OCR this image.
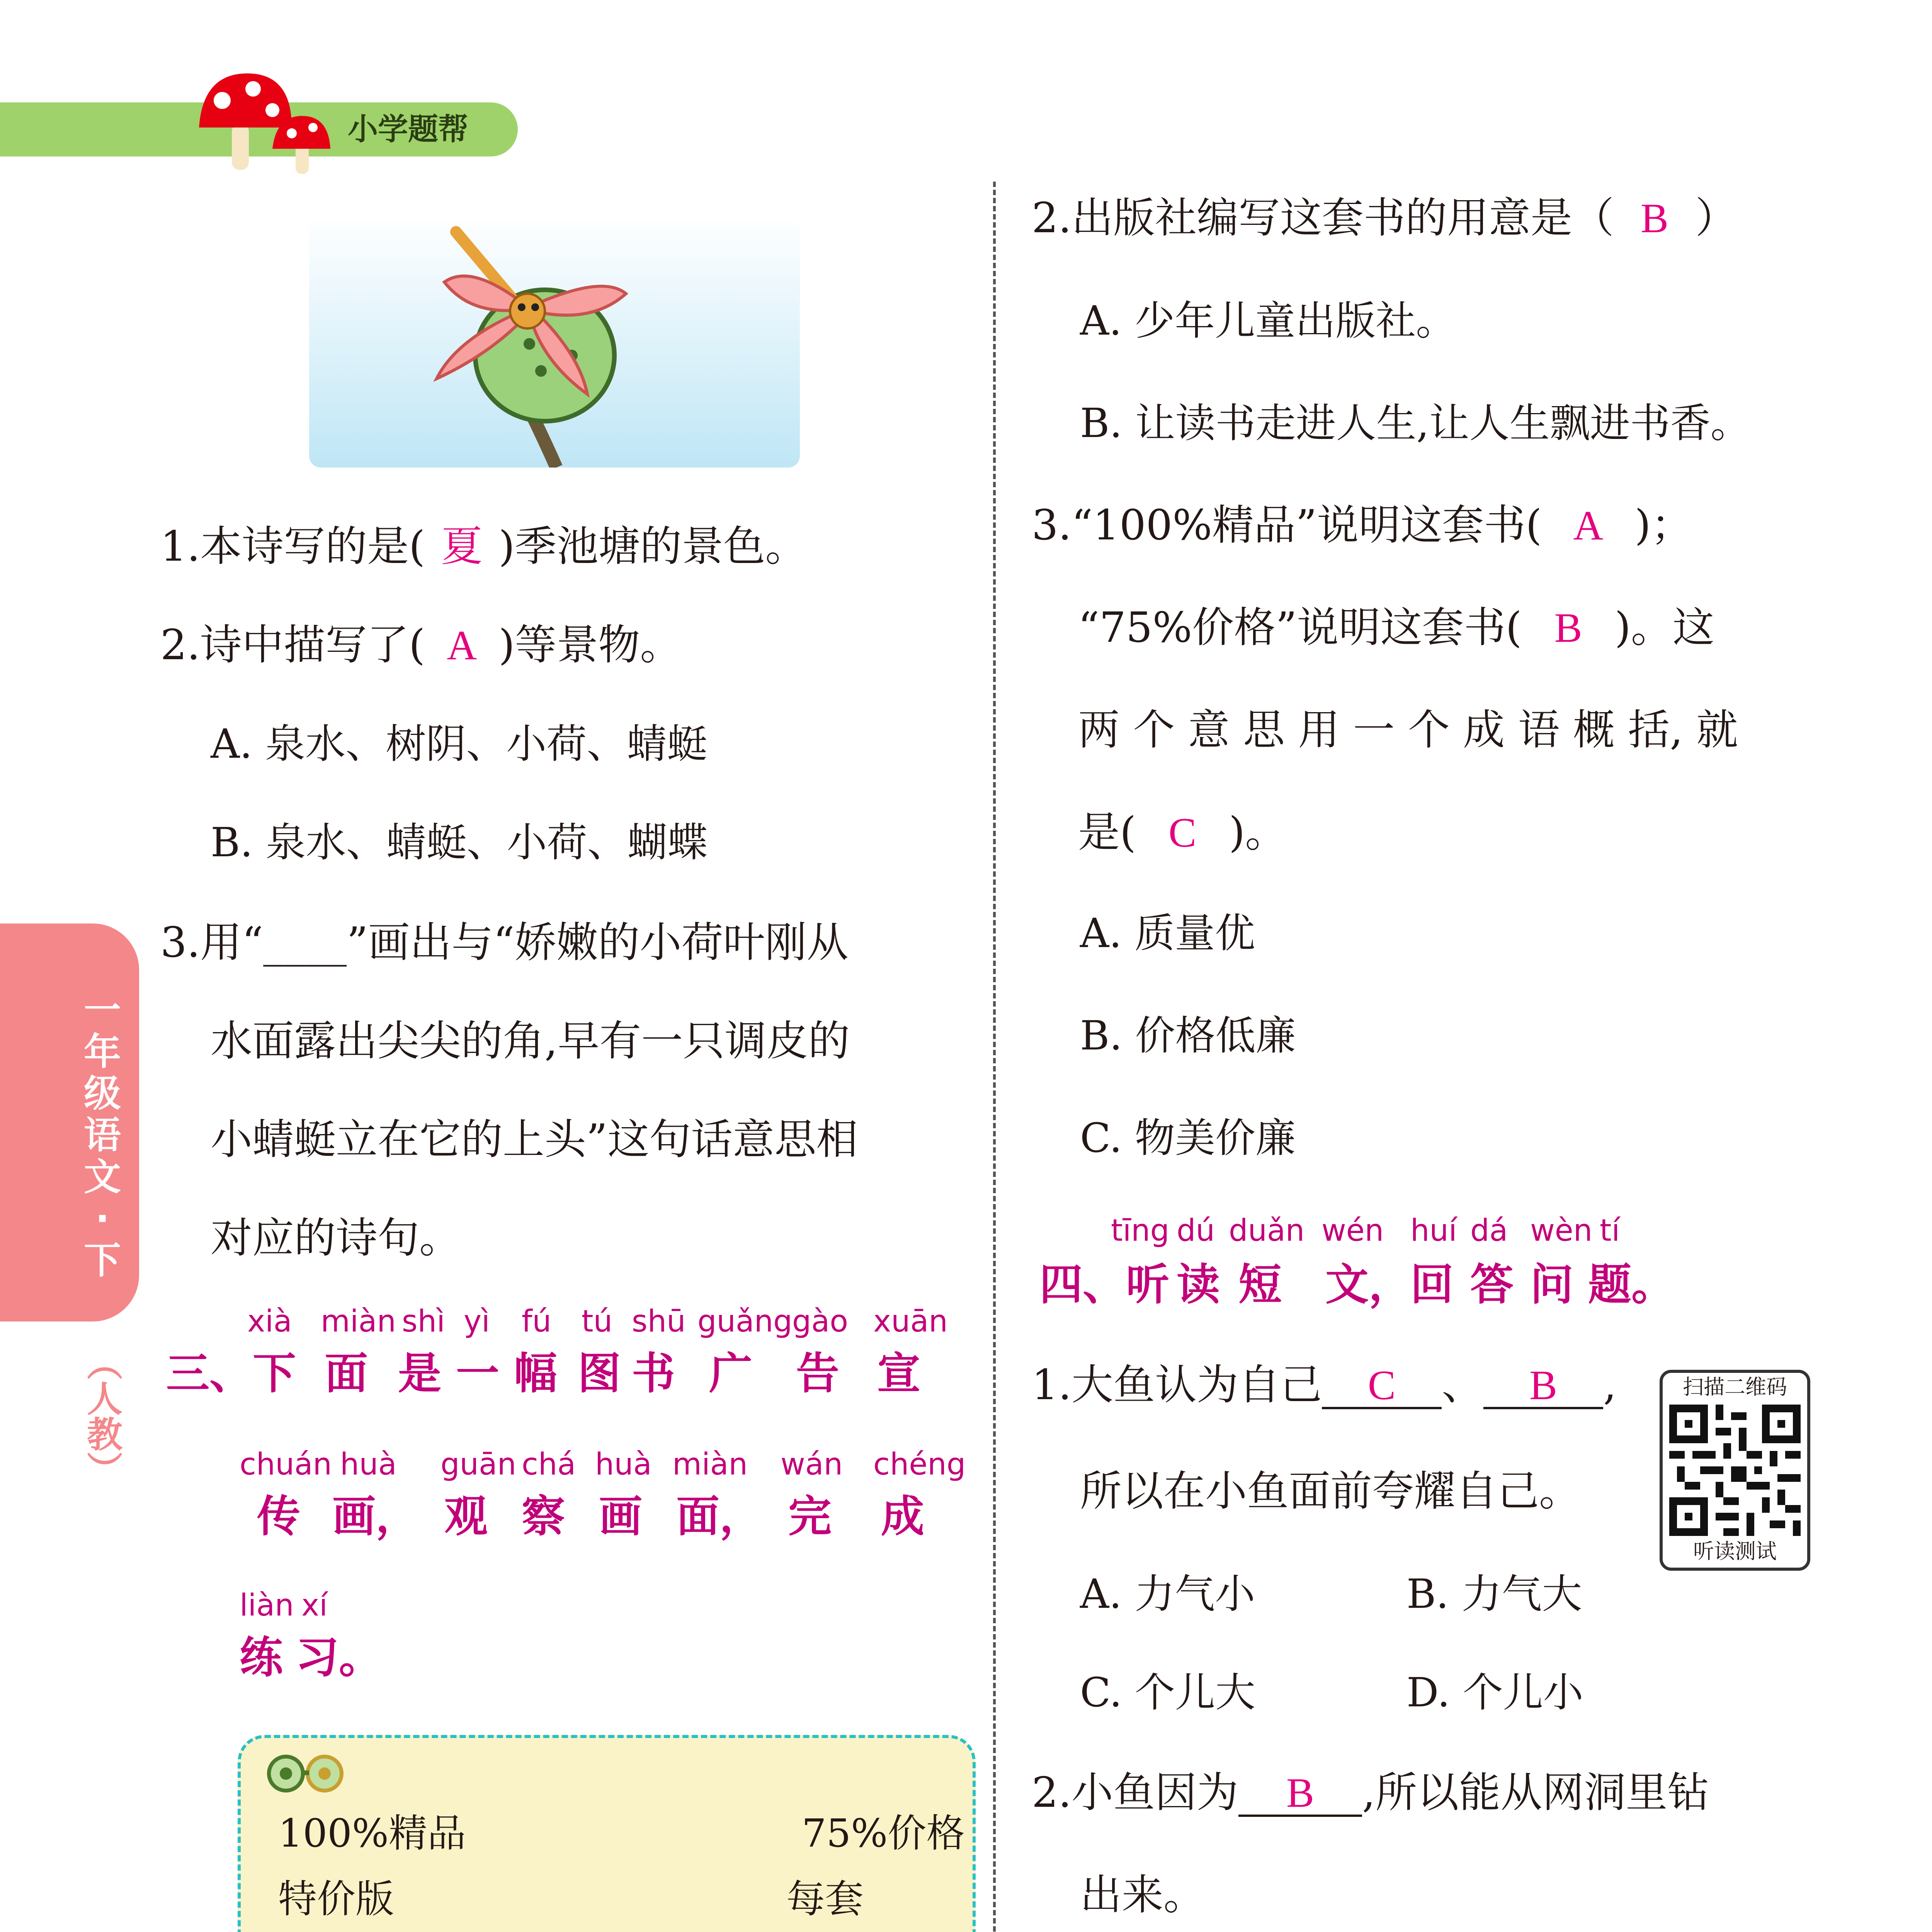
小学题帮
一年级语文·下
（人教）
1.本诗写的是( 夏 )季池塘的景色。
2.诗中描写了( A )等景物。
A. 泉水、树阴、小荷、蜻蜓
B. 泉水、蜻蜓、小荷、蝴蝶
3.用“____”画出与“娇嫩的小荷叶刚从
水面露出尖尖的角,早有一只调皮的
小蜻蜓立在它的上头”这句话意思相
对应的诗句。
xià
三、下
miàn
面
shì
是
yì
一
fú
幅
tú
图
shū
书
guǎng
广
gào
告
xuān
宣
chuán
传
huà
画，
guān
观
chá
察
huà
画
miàn
面，
wán
完
chéng
成
liàn
练
xí
习。
100%精品	75%价格
特价版	每套
2.出版社编写这套书的用意是（ B ）
A. 少年儿童出版社。
B. 让读书走进人生,让人生飘进书香。
3.“100%精品”说明这套书( A )；
“75%价格”说明这套书( B )。这
两 个 意 思 用 一 个 成 语 概 括, 就
是( C )。
A. 质量优
B. 价格低廉
C. 物美价廉
tīng
四、听
dú
读
duǎn
短
wén
文，
huí
回
dá
答
wèn
问
tí
题。
1.大鱼认为自己 C 、 B ,
所以在小鱼面前夸耀自己。
A. 力气小	B. 力气大
C. 个儿大	D. 个儿小
扫描二维码
听读测试
2.小鱼因为 B ,所以能从网洞里钻
出来。
